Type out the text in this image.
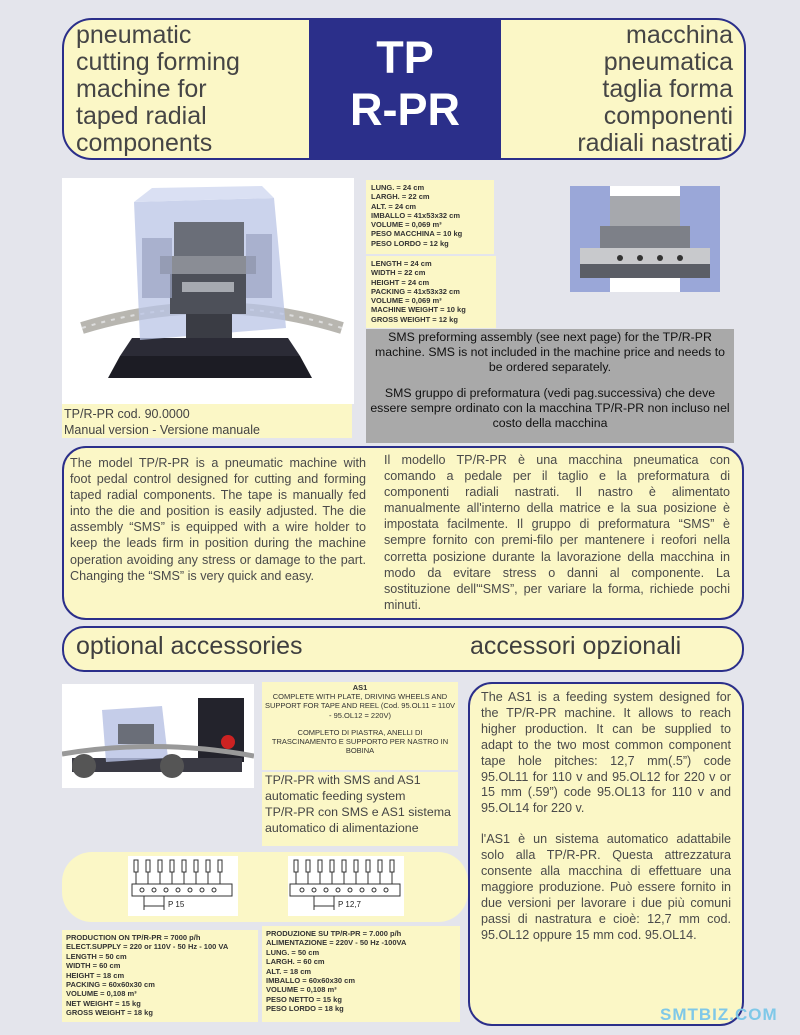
pneumatic
cutting forming
machine for
taped radial
components
TP
R-PR
macchina
pneumatica
taglia forma
componenti
radiali nastrati
LUNG. = 24 cm
LARGH. = 22 cm
ALT. = 24 cm
IMBALLO = 41x53x32 cm
VOLUME = 0,069 m³
PESO MACCHINA = 10 kg
PESO LORDO = 12 kg
LENGTH = 24 cm
WIDTH = 22 cm
HEIGHT = 24 cm
PACKING = 41x53x32 cm
VOLUME = 0,069 m³
MACHINE WEIGHT = 10 kg
GROSS WEIGHT = 12 kg

SMS preforming assembly (see next page) for the TP/R-PR machine. SMS is not included in the machine price and needs to be ordered separately.

SMS gruppo di preformatura (vedi pag.successiva) che deve essere sempre ordinato con la macchina TP/R-PR non incluso nel costo della macchina

TP/R-PR cod. 90.0000
Manual version - Versione manuale
The model TP/R-PR is a pneumatic machine with foot pedal control designed for cutting and forming taped radial components. The tape is manually fed into the die and position is easily adjusted. The die assembly “SMS” is equipped with a wire holder to keep the leads firm in position during the machine operation avoiding any stress or damage to the part. Changing the “SMS” is very quick and easy.
Il modello TP/R-PR è una macchina pneumatica con comando a pedale per il taglio e la preformatura di componenti radiali nastrati. Il nastro è alimentato manualmente all'interno della matrice e la sua posizione è impostata facilmente. Il gruppo di preformatura “SMS” è sempre fornito con premi-filo per mantenere i reofori nella corretta posizione durante la lavorazione della macchina in modo da evitare stress o danni al componente. La sostituzione dell'“SMS”, per variare la forma, richiede pochi minuti.
optional accessories	accessori opzionali

AS1

COMPLETE WITH PLATE, DRIVING WHEELS AND SUPPORT FOR TAPE AND REEL (Cod. 95.OL11 = 110V - 95.OL12 = 220V)

COMPLETO DI PIASTRA, ANELLI DI TRASCINAMENTO E SUPPORTO PER NASTRO IN BOBINA

TP/R-PR with SMS and AS1 automatic feeding system

TP/R-PR con SMS e AS1 sistema automatico di alimentazione

P 15	P 12,7

The AS1 is a feeding system designed for the TP/R-PR machine. It allows to reach higher production. It can be supplied to adapt to the two most common component tape hole pitches: 12,7 mm(.5”) code 95.OL11 for 110 v and 95.OL12 for 220 v or 15 mm (.59”) code 95.OL13 for 110 v and 95.OL14 for 220 v.

l'AS1 è un sistema automatico adattabile solo alla TP/R-PR. Questa attrezzatura consente alla macchina di effettuare una maggiore produzione. Può essere fornito in due versioni per lavorare i due più comuni passi di nastratura e cioè: 12,7 mm cod. 95.OL12 oppure 15 mm cod. 95.OL14.

PRODUCTION ON TP/R-PR = 7000 p/h
ELECT.SUPPLY = 220 or 110V - 50 Hz - 100 VA
LENGTH = 50 cm
WIDTH = 60 cm
HEIGHT = 18 cm
PACKING = 60x60x30 cm
VOLUME = 0,108 m³
NET WEIGHT = 15 kg
GROSS WEIGHT = 18 kg
PRODUZIONE SU TP/R-PR = 7.000 p/h
ALIMENTAZIONE = 220V - 50 Hz -100VA
LUNG. = 50 cm
LARGH. = 60 cm
ALT. = 18 cm
IMBALLO = 60x60x30 cm
VOLUME = 0,108 m³
PESO NETTO = 15 kg
PESO LORDO = 18 kg	SMTBIZ.COM
